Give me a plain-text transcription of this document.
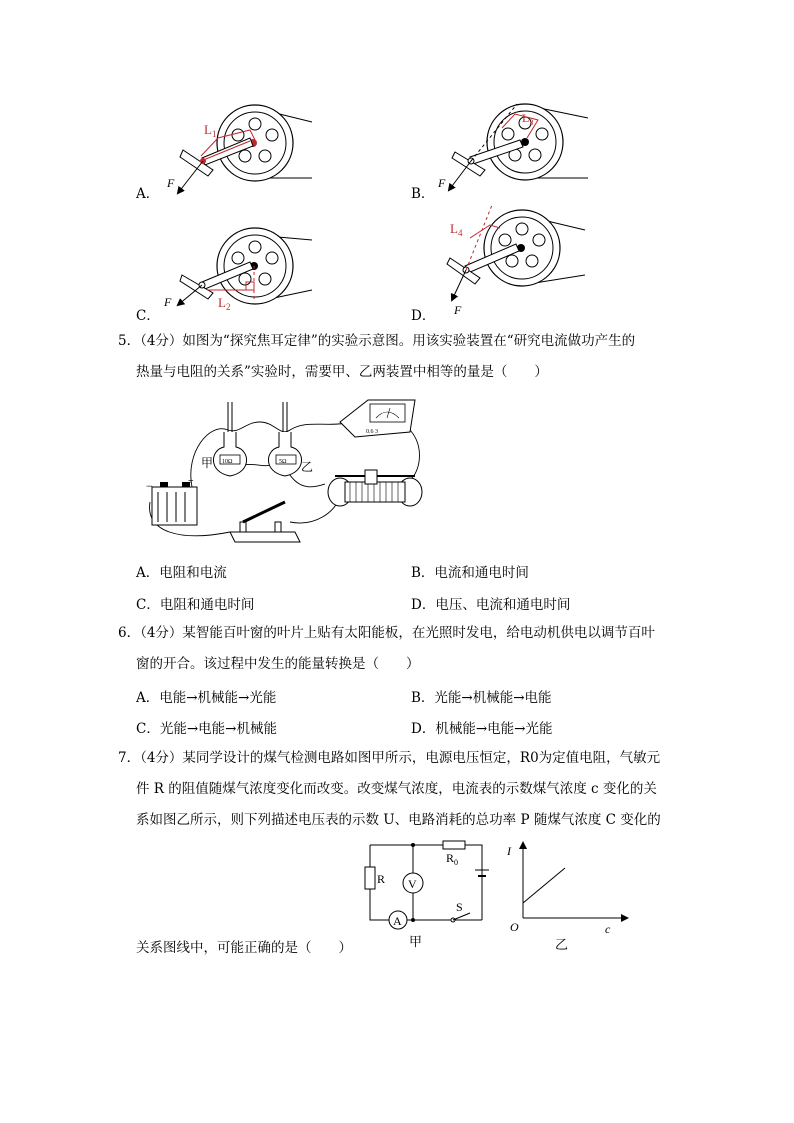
$L_1$
F
$L_3$
F
$L_2$
F
$L_4$
F
A．	B．
C．	D．
5．（4分）如图为“探究焦耳定律”的实验示意图。用该实验装置在“研究电流做功产生的
热量与电阻的关系”实验时，需要甲、乙两装置中相等的量是（　　）
10Ω	5Ω
甲	乙
0.6 3
−	+
A．电阻和电流	B．电流和通电时间
C．电阻和通电时间	D．电压、电流和通电时间
6．（4分）某智能百叶窗的叶片上贴有太阳能板，在光照时发电，给电动机供电以调节百叶
窗的开合。该过程中发生的能量转换是（　　）
A．电能→机械能→光能	B．光能→机械能→电能
C．光能→电能→机械能	D．机械能→电能→光能
7．（4分）某同学设计的煤气检测电路如图甲所示，电源电压恒定，R0为定值电阻，气敏元
件 R 的阻值随煤气浓度变化而改变。改变煤气浓度，电流表的示数煤气浓度 c 变化的关
系如图乙所示，则下列描述电压表的示数 U、电路消耗的总功率 P 随煤气浓度 C 变化的
R
$R_0$
V
A
S
甲
I
c
O
乙
关系图线中，可能正确的是（　　）
